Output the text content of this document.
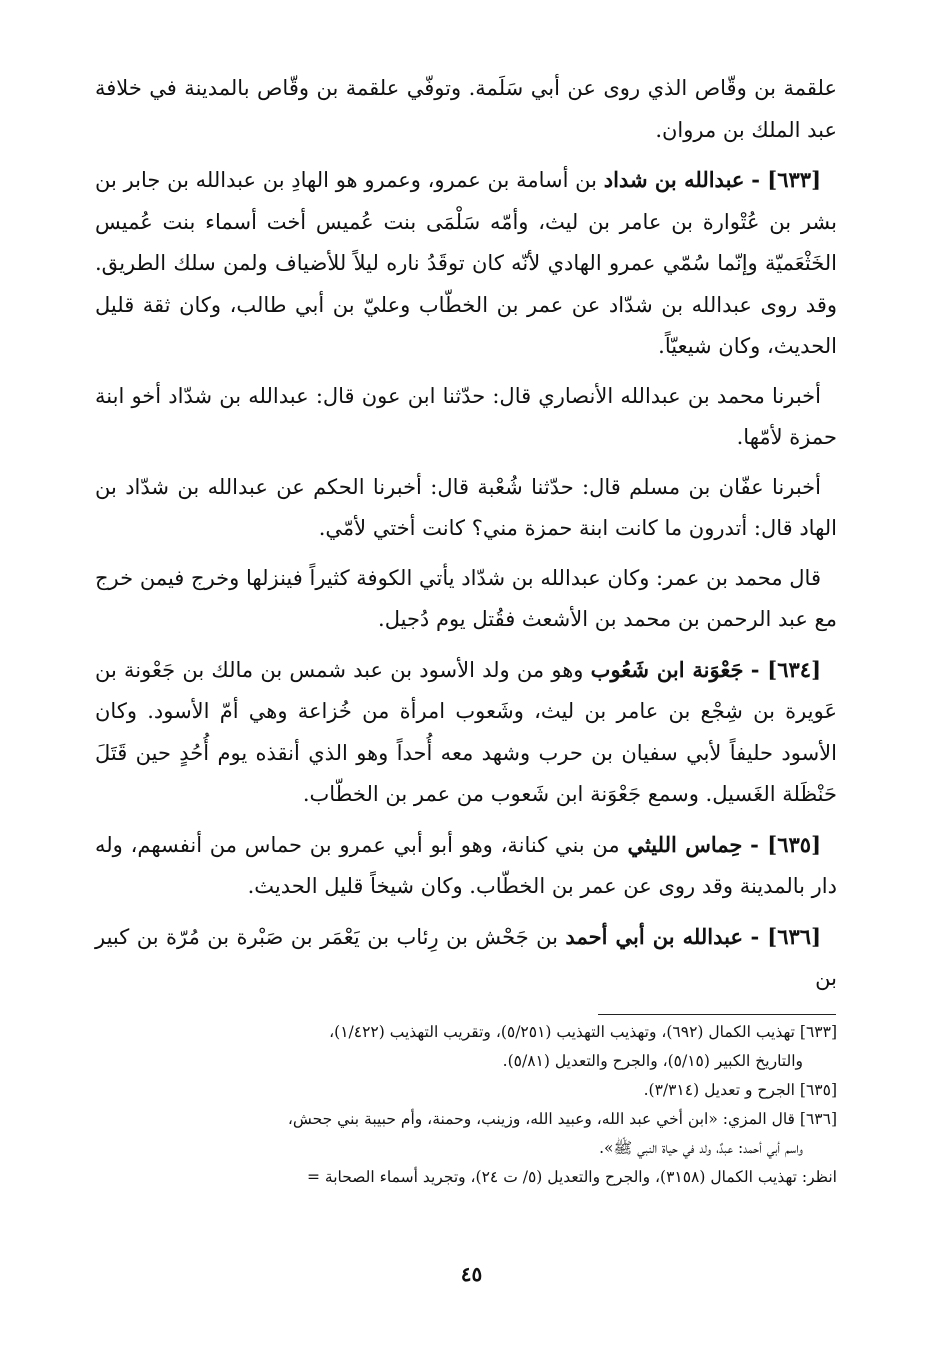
علقمة بن وقّاص الذي روى عن أبي سَلَمة. وتوفّي علقمة بن وقّاص بالمدينة في خلافة عبد الملك بن مروان.

[٦٣٣] - عبدالله بن شداد بن أسامة بن عمرو، وعمرو هو الهادِ بن عبدالله بن جابر بن بشر بن عُتْوارة بن عامر بن ليث، وأمّه سَلْمَى بنت عُميس أخت أسماء بنت عُميس الخَثْعَميّة وإنّما سُمّي عمرو الهادي لأنّه كان توقَدُ ناره ليلاً للأضياف ولمن سلك الطريق. وقد روى عبدالله بن شدّاد عن عمر بن الخطّاب وعليّ بن أبي طالب، وكان ثقة قليل الحديث، وكان شيعيّاً.

أخبرنا محمد بن عبدالله الأنصاري قال: حدّثنا ابن عون قال: عبدالله بن شدّاد أخو ابنة حمزة لأمّها.

أخبرنا عفّان بن مسلم قال: حدّثنا شُعْبة قال: أخبرنا الحكم عن عبدالله بن شدّاد بن الهاد قال: أتدرون ما كانت ابنة حمزة مني؟ كانت أختي لأمّي.

قال محمد بن عمر: وكان عبدالله بن شدّاد يأتي الكوفة كثيراً فينزلها وخرج فيمن خرج مع عبد الرحمن بن محمد بن الأشعث فقُتل يوم دُجيل.

[٦٣٤] - جَعْوَنة ابن شَعُوب وهو من ولد الأسود بن عبد شمس بن مالك بن جَعْونة بن عَويرة بن شِجْع بن عامر بن ليث، وشَعوب امرأة من خُزاعة وهي أمّ الأسود. وكان الأسود حليفاً لأبي سفيان بن حرب وشهد معه أُحداً وهو الذي أنقذه يوم أُحُدٍ حين قَتَلَ حَنْظَلة الغَسيل. وسمع جَعْوَنة ابن شَعوب من عمر بن الخطّاب.

[٦٣٥] - حِماس الليثي من بني كنانة، وهو أبو أبي عمرو بن حماس من أنفسهم، وله دار بالمدينة وقد روى عن عمر بن الخطّاب. وكان شيخاً قليل الحديث.

[٦٣٦] - عبدالله بن أبي أحمد بن جَحْش بن رِئاب بن يَعْمَر بن صَبْرة بن مُرّة بن كبير بن

[٦٣٣] تهذيب الكمال (٦٩٢)، وتهذيب التهذيب (٥/٢٥١)، وتقريب التهذيب (١/٤٢٢)،

والتاريخ الكبير (٥/١٥)، والجرح والتعديل (٥/٨١).

[٦٣٥] الجرح و تعديل (٣/٣١٤).

[٦٣٦] قال المزي: «ابن أخي عبد الله، وعبيد الله، وزينب، وحمنة، وأم حبيبة بني جحش،

واسم أبي أحمد: عبدٌ، ولد في حياة النبي ﷺ».

انظر: تهذيب الكمال (٣١٥٨)، والجرح والتعديل (٥/ ت ٢٤)، وتجريد أسماء الصحابة =

٤٥
